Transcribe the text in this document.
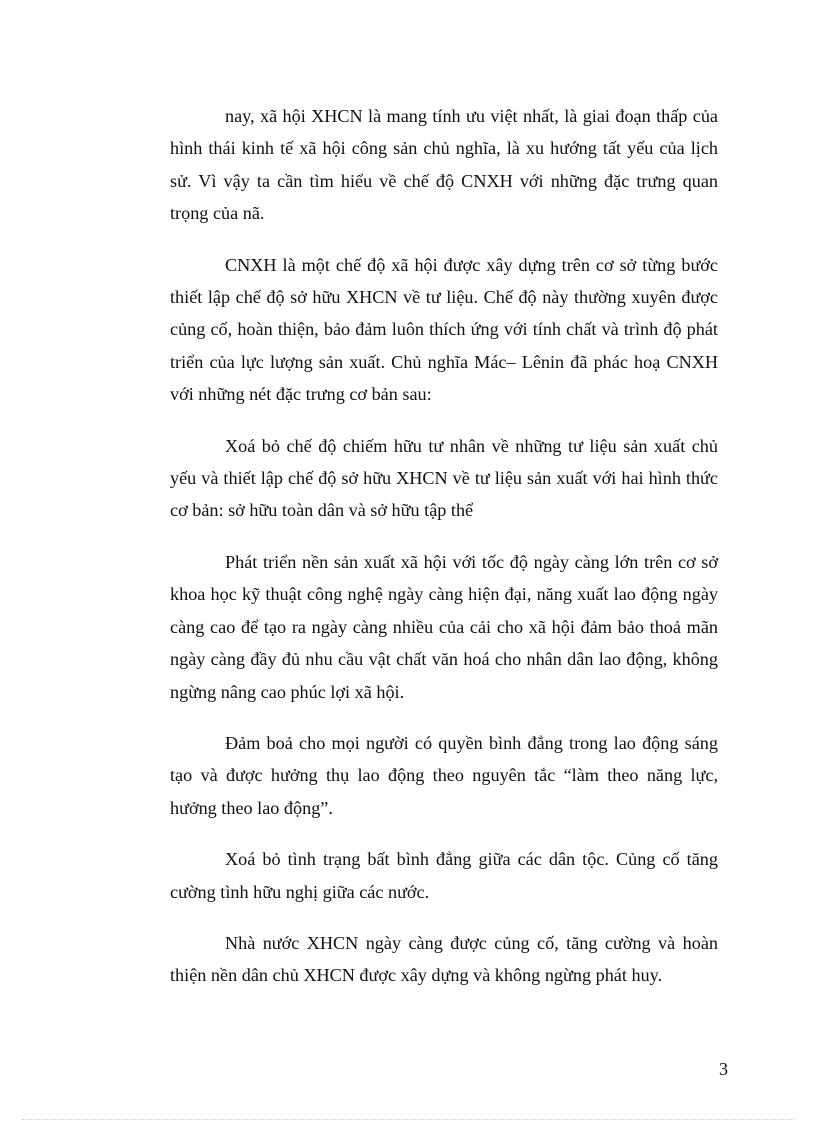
nay, xã hội XHCN là mang tính ưu việt nhất, là giai đoạn thấp của hình thái kinh tế xã hội công sản chủ nghĩa, là xu hướng tất yếu của lịch sử. Vì vậy ta cần tìm hiểu về chế độ CNXH với những đặc trưng quan trọng của nã.

CNXH là một chế độ xã hội được xây dựng trên cơ sở từng bước thiết lập chế độ sở hữu XHCN về tư liệu. Chế độ này thường xuyên được củng cố, hoàn thiện, bảo đảm luôn thích ứng với tính chất và trình độ phát triển của lực lượng sản xuất. Chủ nghĩa Mác– Lênin đã phác hoạ CNXH với những nét đặc trưng cơ bản sau:

Xoá bỏ chế độ chiếm hữu tư nhân về những tư liệu sản xuất chủ yếu và thiết lập chế độ sở hữu XHCN về tư liệu sản xuất với hai hình thức cơ bản: sở hữu toàn dân và sở hữu tập thể

Phát triển nền sản xuất xã hội với tốc độ ngày càng lớn trên cơ sở khoa học kỹ thuật công nghệ ngày càng hiện đại, năng xuất lao động ngày càng cao để tạo ra ngày càng nhiều của cải cho xã hội đảm bảo thoả mãn ngày càng đầy đủ nhu cầu vật chất văn hoá cho nhân dân lao động, không ngừng nâng cao phúc lợi xã hội.

Đảm boả cho mọi người có quyền bình đẳng trong lao động sáng tạo và được hưởng thụ lao động theo nguyên tắc “làm theo năng lực, hưởng theo lao động”.

Xoá bỏ tình trạng bất bình đẳng giữa các dân tộc. Củng cố tăng cường tình hữu nghị giữa các nước.

Nhà nước XHCN ngày càng được củng cố, tăng cường và hoàn thiện nền dân chủ XHCN được xây dựng và không ngừng phát huy.

3
